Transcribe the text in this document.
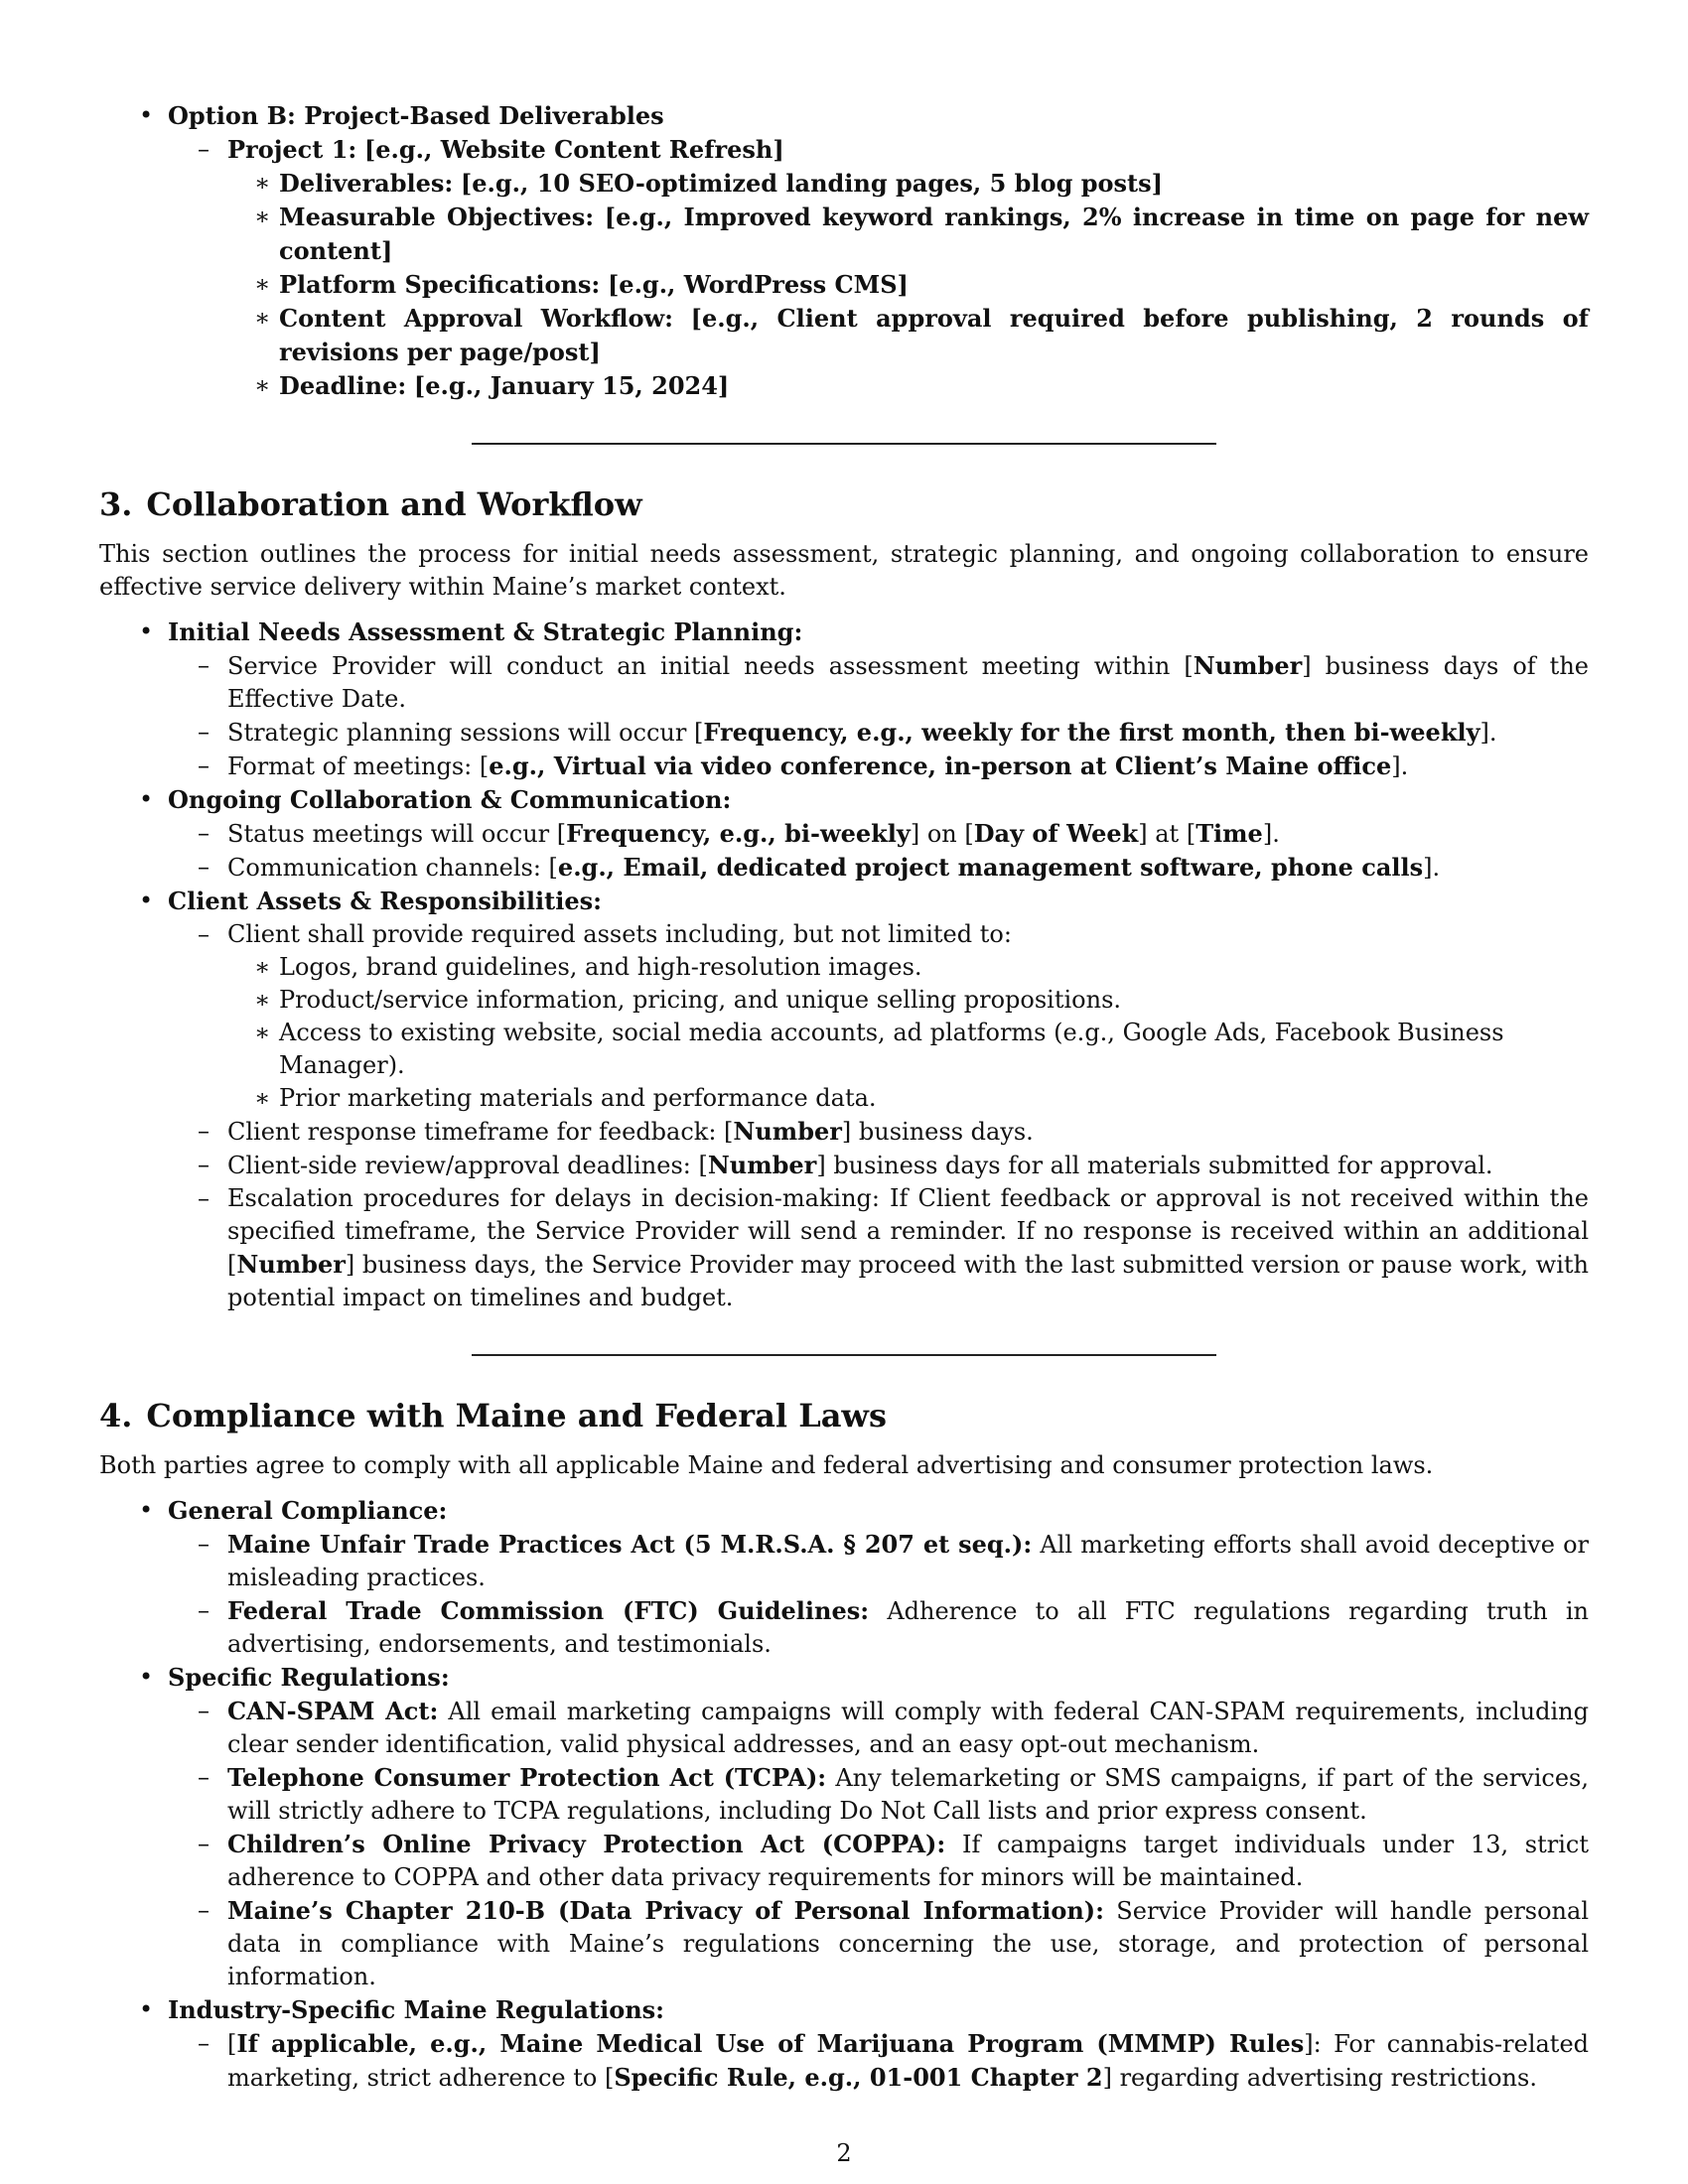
• Option B: Project-Based Deliverables
– Project 1: [e.g., Website Content Refresh]
∗ Deliverables: [e.g., 10 SEO-optimized landing pages, 5 blog posts]
∗ Measurable Objectives: [e.g., Improved keyword rankings, 2% increase in time on page for new content]
∗ Platform Specifications: [e.g., WordPress CMS]
∗ Content Approval Workflow: [e.g., Client approval required before publishing, 2 rounds of revisions per page/post]
∗ Deadline: [e.g., January 15, 2024]
3. Collaboration and Workflow

This section outlines the process for initial needs assessment, strategic planning, and ongoing collaboration to ensure effective service delivery within Maine’s market context.

• Initial Needs Assessment & Strategic Planning:
– Service Provider will conduct an initial needs assessment meeting within [Number] business days of the Effective Date.
– Strategic planning sessions will occur [Frequency, e.g., weekly for the first month, then bi-weekly].
– Format of meetings: [e.g., Virtual via video conference, in-person at Client’s Maine office].
• Ongoing Collaboration & Communication:
– Status meetings will occur [Frequency, e.g., bi-weekly] on [Day of Week] at [Time].
– Communication channels: [e.g., Email, dedicated project management software, phone calls].
• Client Assets & Responsibilities:
– Client shall provide required assets including, but not limited to:
∗ Logos, brand guidelines, and high-resolution images.
∗ Product/service information, pricing, and unique selling propositions.
∗ Access to existing website, social media accounts, ad platforms (e.g., Google Ads, Facebook Business Manager).
∗ Prior marketing materials and performance data.
– Client response timeframe for feedback: [Number] business days.
– Client-side review/approval deadlines: [Number] business days for all materials submitted for approval.
– Escalation procedures for delays in decision-making: If Client feedback or approval is not received within the specified timeframe, the Service Provider will send a reminder. If no response is received within an additional [Number] business days, the Service Provider may proceed with the last submitted version or pause work, with potential impact on timelines and budget.
4. Compliance with Maine and Federal Laws

Both parties agree to comply with all applicable Maine and federal advertising and consumer protection laws.

• General Compliance:
– Maine Unfair Trade Practices Act (5 M.R.S.A. § 207 et seq.): All marketing efforts shall avoid deceptive or misleading practices.
– Federal Trade Commission (FTC) Guidelines: Adherence to all FTC regulations regarding truth in advertising, endorsements, and testimonials.
• Specific Regulations:
– CAN-SPAM Act: All email marketing campaigns will comply with federal CAN-SPAM requirements, including clear sender identification, valid physical addresses, and an easy opt-out mechanism.
– Telephone Consumer Protection Act (TCPA): Any telemarketing or SMS campaigns, if part of the services, will strictly adhere to TCPA regulations, including Do Not Call lists and prior express consent.
– Children’s Online Privacy Protection Act (COPPA): If campaigns target individuals under 13, strict adherence to COPPA and other data privacy requirements for minors will be maintained.
– Maine’s Chapter 210-B (Data Privacy of Personal Information): Service Provider will handle personal data in compliance with Maine’s regulations concerning the use, storage, and protection of personal information.
• Industry-Specific Maine Regulations:
– [If applicable, e.g., Maine Medical Use of Marijuana Program (MMMP) Rules]: For cannabis-related marketing, strict adherence to [Specific Rule, e.g., 01-001 Chapter 2] regarding advertising restrictions.
2
